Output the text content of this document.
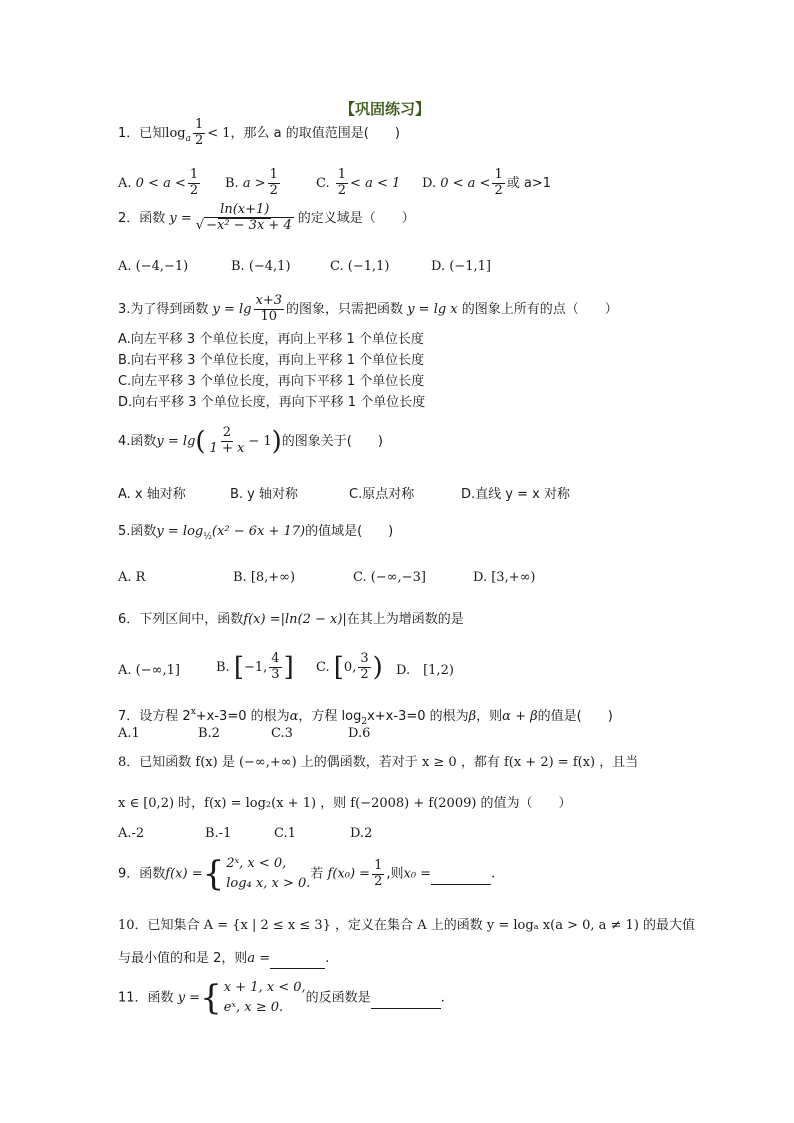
【巩固练习】
1．已知$\log_a \frac{1}{2} < 1$，那么 a 的取值范围是(　　)
A. $0 < a < \frac{1}{2} B$. $a > \frac{1}{2}$	C. $\frac{1}{2} < a < 1$ D. $0 < a < \frac{1}{2}$ 或 a>1
2．函数 $y = \frac{\ln(x+1)}{\text{√ −x² − 3x + 4}}$ 的定义域是（　　）
A. (−4,−1)	B. (−4,1)	C. (−1,1)	D. (−1,1]
3.为了得到函数 $y = \lg \frac{x+3}{10}$ 的图象，只需把函数 y = lg x 的图象上所有的点（　　）
A.向左平移 3 个单位长度，再向上平移 1 个单位长度
B.向右平移 3 个单位长度，再向上平移 1 个单位长度
C.向左平移 3 个单位长度，再向下平移 1 个单位长度
D.向右平移 3 个单位长度，再向下平移 1 个单位长度
4.函数$y = \lg( \frac{2}{1 + x} - 1)$的图象关于(　　)
A. x 轴对称	B. y 轴对称	C.原点对称	D.直线 y = x 对称
5.函数$y = \log_{\frac{1}{2}}(x^2 - 6x + 17)$的值域是(　　)
A. R	B. [8,+∞)	C. (−∞,−3]	D. [3,+∞)
6．下列区间中，函数f(x) =|ln(2 − x)|在其上为增函数的是
A. (−∞,1]	B. [−1, $\frac{4}{3}$ ] C. [0, $\frac{3}{2}$ ) D.　[1,2)
7．设方程 $2^x+x-3=0$ 的根为α，方程 $\log_2x+x-3=0$ 的根为β，则α + β的值是(　　)
A.1	B.2	C.3	D.6
8．已知函数 f(x) 是 (−∞,+∞) 上的偶函数，若对于 x ≥ 0 ，都有 f(x + 2) = f(x) ，且当
x ∈ [0,2) 时，f(x) = log₂(x + 1) ，则 f(−2008) + f(2009) 的值为（　　）
A.-2	B.-1	C.1	D.2
9．函数f(x) ={ 2ˣ, x < 0,
log₄ x, x > 0.
若 $f(x_0) = \frac{1}{2}$ ,则x₀ =	.
10．已知集合 A = {x | 2 ≤ x ≤ 3} ，定义在集合 A 上的函数 y = logₐ x(a > 0, a ≠ 1) 的最大值
与最小值的和是 2，则a =	.
11．函数 y ={ x + 1, x < 0,
eˣ, x ≥ 0.
的反函数是	.
